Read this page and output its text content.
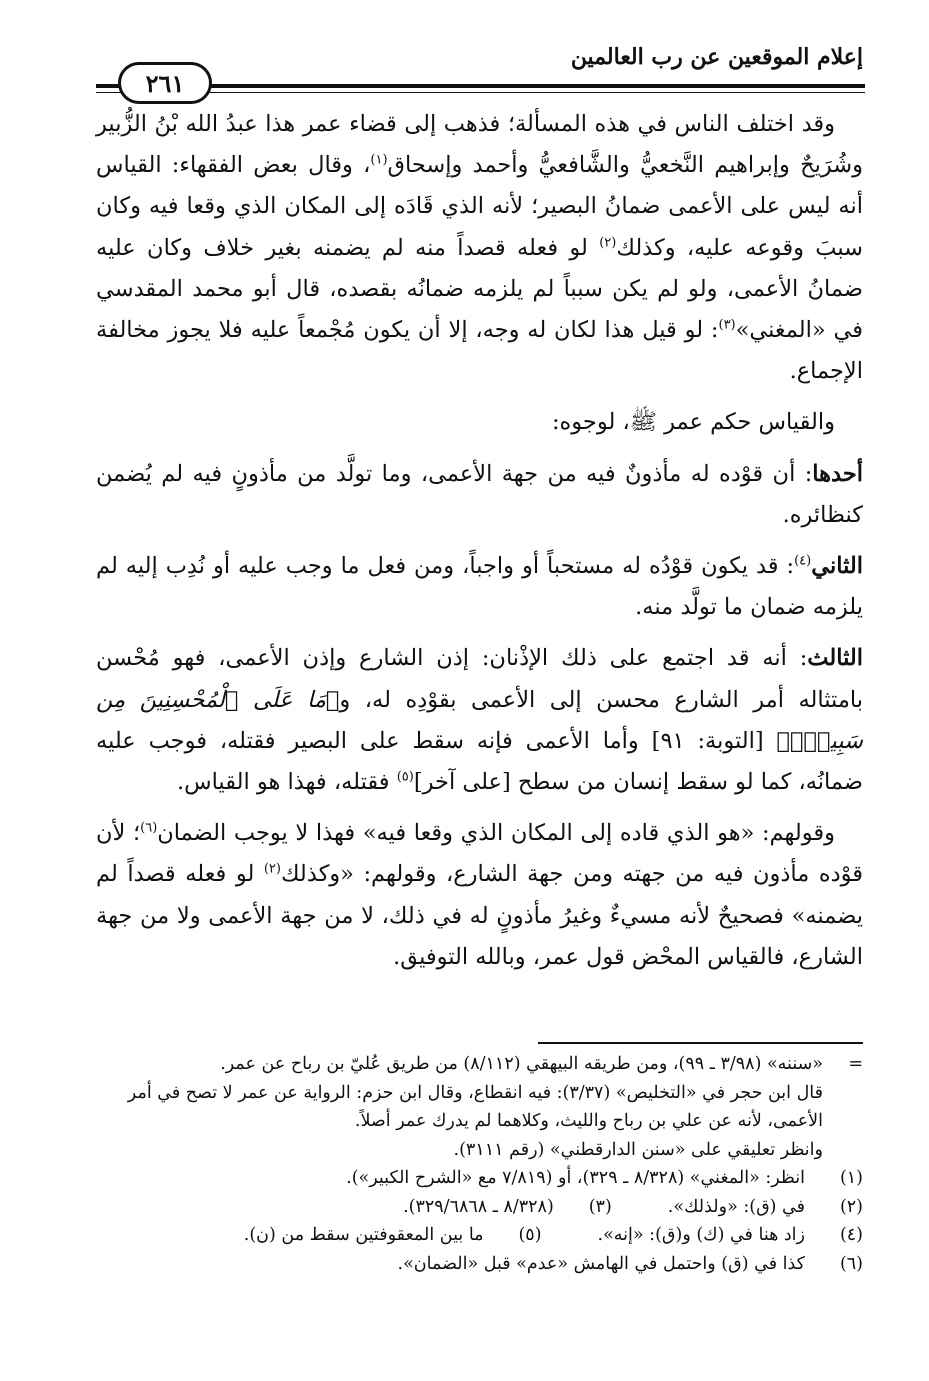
إعلام الموقعين عن رب العالمين
٢٦١

وقد اختلف الناس في هذه المسألة؛ فذهب إلى قضاء عمر هذا عبدُ الله بْنُ الزُّبير وشُرَيحٌ وإبراهيم النَّخعيُّ والشَّافعيُّ وأحمد وإسحاق$^{(١)}$، وقال بعض الفقهاء: القياس أنه ليس على الأعمى ضمانُ البصير؛ لأنه الذي قَادَه إلى المكان الذي وقعا فيه وكان سببَ وقوعه عليه، وكذلك$^{(٢)}$ لو فعله قصداً منه لم يضمنه بغير خلاف وكان عليه ضمانُ الأعمى، ولو لم يكن سبباً لم يلزمه ضمانُه بقصده، قال أبو محمد المقدسي في «المغني»$^{(٣)}$: لو قيل هذا لكان له وجه، إلا أن يكون مُجْمعاً عليه فلا يجوز مخالفة الإجماع.

والقياس حكم عمر ﷺ، لوجوه:

أحدها: أن قوْده له مأذونٌ فيه من جهة الأعمى، وما تولَّد من مأذونٍ فيه لم يُضمن كنظائره.

الثاني$^{(٤)}$: قد يكون قوْدُه له مستحباً أو واجباً، ومن فعل ما وجب عليه أو نُدِب إليه لم يلزمه ضمان ما تولَّد منه.

الثالث: أنه قد اجتمع على ذلك الإذْنان: إذن الشارع وإذن الأعمى، فهو مُحْسن بامتثاله أمر الشارع محسن إلى الأعمى بقوْدِه له، و﴿مَا عَلَى ٱلْمُحْسِنِينَ مِن سَبِيلٍۚ﴾ [التوبة: ٩١] وأما الأعمى فإنه سقط على البصير فقتله، فوجب عليه ضمانُه، كما لو سقط إنسان من سطح [على آخر]$^{(٥)}$ فقتله، فهذا هو القياس.

وقولهم: «هو الذي قاده إلى المكان الذي وقعا فيه» فهذا لا يوجب الضمان$^{(٦)}$؛ لأن قوْده مأذون فيه من جهته ومن جهة الشارع، وقولهم: «وكذلك$^{(٢)}$ لو فعله قصداً لم يضمنه» فصحيحٌ لأنه مسيءٌ وغيرُ مأذونٍ له في ذلك، لا من جهة الأعمى ولا من جهة الشارع، فالقياس المحْض قول عمر، وبالله التوفيق.

=
«سننه» (٣/٩٨ ـ ٩٩)، ومن طريقه البيهقي (٨/١١٢) من طريق عُليّ بن رباح عن عمر.
قال ابن حجر في «التخليص» (٣/٣٧): فيه انقطاع، وقال ابن حزم: الرواية عن عمر لا تصح في أمر الأعمى، لأنه عن علي بن رباح والليث، وكلاهما لم يدرك عمر أصلاً.
وانظر تعليقي على «سنن الدارقطني» (رقم ٣١١١).
(١)
انظر: «المغني» (٨/٣٢٨ ـ ٣٢٩)، أو (٧/٨١٩ مع «الشرح الكبير»).
(٢)
في (ق): «ولذلك».
(٣)
(٨/٣٢٨ ـ ٣٢٩/٦٨٦٨).
(٤)
زاد هنا في (ك) و(ق): «إنه».
(٥)
ما بين المعقوفتين سقط من (ن).
(٦)
كذا في (ق) واحتمل في الهامش «عدم» قبل «الضمان».
